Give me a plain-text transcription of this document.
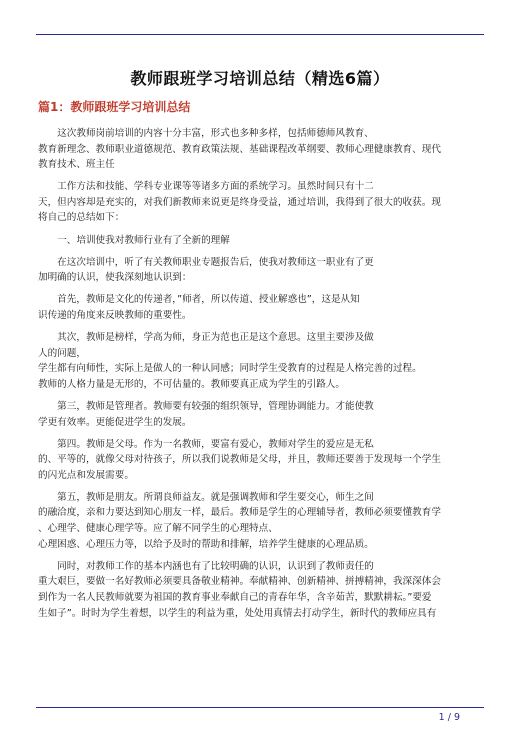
教师跟班学习培训总结（精选6篇）
篇1：教师跟班学习培训总结
　　这次教师岗前培训的内容十分丰富，形式也多种多样，包括师德师风教育、
教育新理念、教师职业道德规范、教育政策法规、基础课程改革纲要、教师心理健康教育、现代
教育技术、班主任
　　工作方法和技能、学科专业课等等诸多方面的系统学习。虽然时间只有十二
天，但内容却是充实的，对我们新教师来说更是终身受益，通过培训，我得到了很大的收获。现
将自己的总结如下：
　　一、培训使我对教师行业有了全新的理解
　　在这次培训中，听了有关教师职业专题报告后，使我对教师这一职业有了更
加明确的认识，使我深刻地认识到：
　　首先，教师是文化的传递者，”师者，所以传道、授业解惑也”，这是从知
识传递的角度来反映教师的重要性。
　　其次，教师是榜样，学高为师，身正为范也正是这个意思。这里主要涉及做
人的问题，
学生都有向师性，实际上是做人的一种认同感；同时学生受教育的过程是人格完善的过程。
教师的人格力量是无形的，不可估量的。教师要真正成为学生的引路人。
　　第三，教师是管理者。教师要有较强的组织领导，管理协调能力。才能使教
学更有效率。更能促进学生的发展。
　　第四。教师是父母。作为一名教师，要富有爱心，教师对学生的爱应是无私
的、平等的，就像父母对待孩子，所以我们说教师是父母，并且，教师还要善于发现每一个学生
的闪光点和发展需要。
　　第五，教师是朋友。所谓良师益友。就是强调教师和学生要交心，师生之间
的融洽度，亲和力要达到知心朋友一样，最后。教师是学生的心理辅导者，教师必须要懂教育学
、心理学、健康心理学等。应了解不同学生的心理特点、
心理困惑、心理压力等，以给予及时的帮助和排解，培养学生健康的心理品质。
　　同时，对教师工作的基本内涵也有了比较明确的认识，认识到了教师责任的
重大艰巨，要做一名好教师必须要具备敬业精神。奉献精神、创新精神、拼搏精神，我深深体会
到作为一名人民教师就要为祖国的教育事业奉献自己的青春年华，含辛茹苦，默默耕耘。”要爱
生如子”。时时为学生着想，以学生的利益为重，处处用真情去打动学生，新时代的教师应具有
1 / 9
